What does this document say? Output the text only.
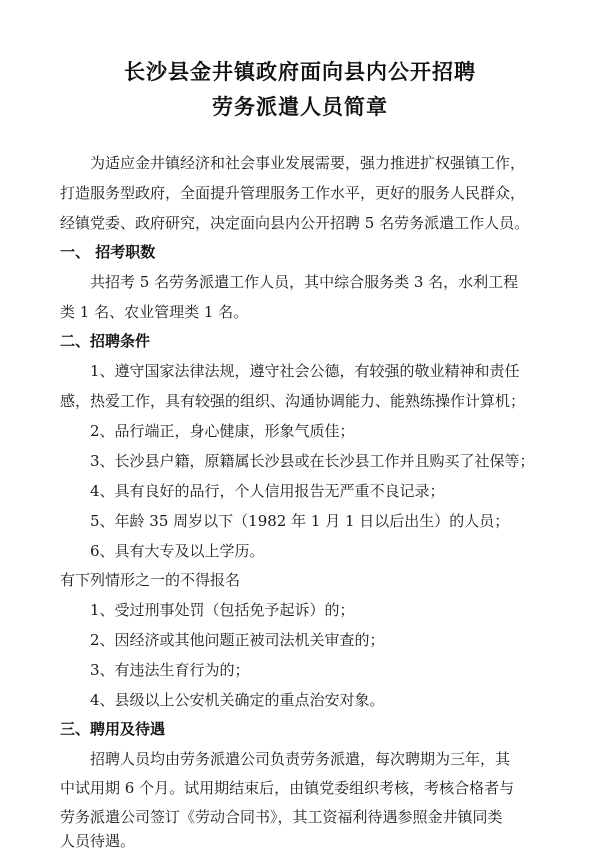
长沙县金井镇政府面向县内公开招聘
劳务派遣人员简章
为适应金井镇经济和社会事业发展需要，强力推进扩权强镇工作，
打造服务型政府，全面提升管理服务工作水平，更好的服务人民群众，
经镇党委、政府研究，决定面向县内公开招聘 5 名劳务派遣工作人员。
一、 招考职数
共招考 5 名劳务派遣工作人员，其中综合服务类 3 名，水利工程
类 1 名、农业管理类 1 名。
二、招聘条件
1、遵守国家法律法规，遵守社会公德，有较强的敬业精神和责任
感，热爱工作，具有较强的组织、沟通协调能力、能熟练操作计算机；
2、品行端正，身心健康，形象气质佳；
3、长沙县户籍，原籍属长沙县或在长沙县工作并且购买了社保等；
4、具有良好的品行，个人信用报告无严重不良记录；
5、年龄 35 周岁以下（1982 年 1 月 1 日以后出生）的人员；
6、具有大专及以上学历。
有下列情形之一的不得报名
1、受过刑事处罚（包括免予起诉）的；
2、因经济或其他问题正被司法机关审查的；
3、有违法生育行为的；
4、县级以上公安机关确定的重点治安对象。
三、聘用及待遇
招聘人员均由劳务派遣公司负责劳务派遣，每次聘期为三年，其
中试用期 6 个月。试用期结束后，由镇党委组织考核，考核合格者与
劳务派遣公司签订《劳动合同书》，其工资福利待遇参照金井镇同类
人员待遇。
